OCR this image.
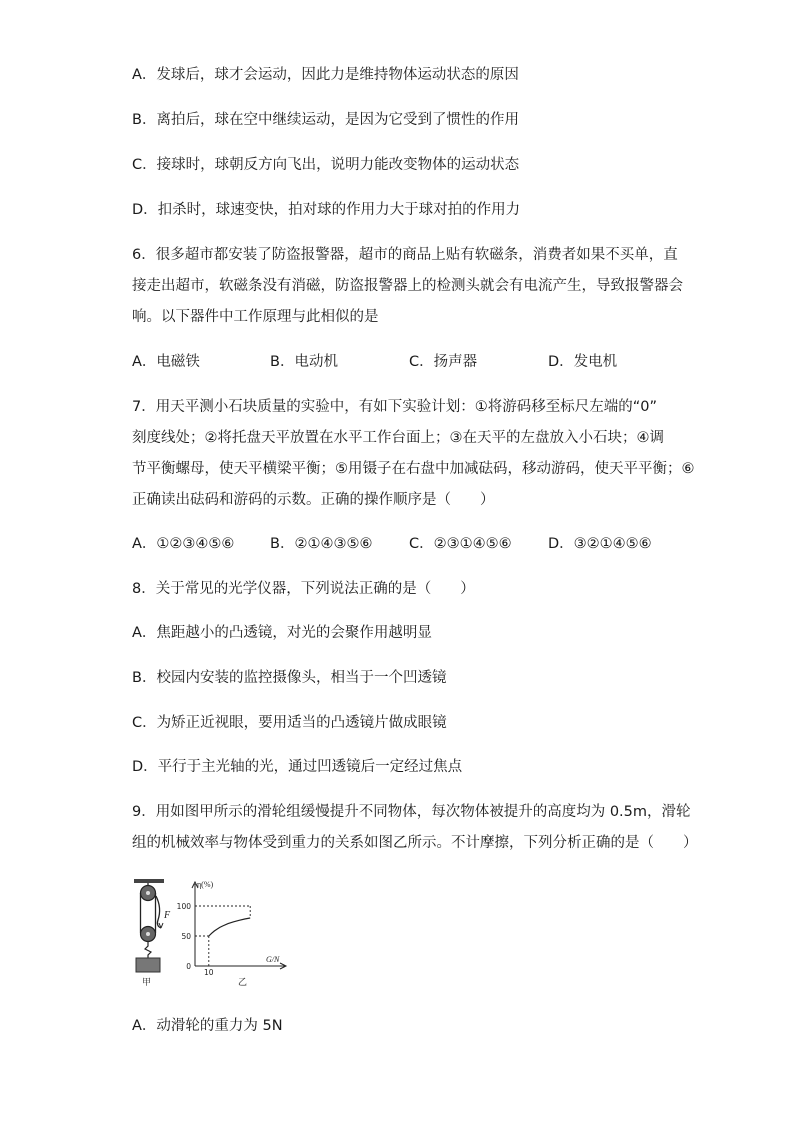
A．发球后，球才会运动，因此力是维持物体运动状态的原因
B．离拍后，球在空中继续运动，是因为它受到了惯性的作用
C．接球时，球朝反方向飞出，说明力能改变物体的运动状态
D．扣杀时，球速变快，拍对球的作用力大于球对拍的作用力
6．很多超市都安装了防盗报警器，超市的商品上贴有软磁条，消费者如果不买单，直
接走出超市，软磁条没有消磁，防盗报警器上的检测头就会有电流产生，导致报警器会
响。以下器件中工作原理与此相似的是
A．电磁铁	B．电动机	C．扬声器	D．发电机
7．用天平测小石块质量的实验中，有如下实验计划：①将游码移至标尺左端的“0”
刻度线处；②将托盘天平放置在水平工作台面上；③在天平的左盘放入小石块；④调
节平衡螺母，使天平横梁平衡；⑤用镊子在右盘中加减砝码，移动游码，使天平平衡；⑥
正确读出砝码和游码的示数。正确的操作顺序是（　　）
A．①②③④⑤⑥ B．②①④③⑤⑥	C．②③①④⑤⑥	D．③②①④⑤⑥
8．关于常见的光学仪器，下列说法正确的是（　　）
A．焦距越小的凸透镜，对光的会聚作用越明显
B．校园内安装的监控摄像头，相当于一个凹透镜
C．为矫正近视眼，要用适当的凸透镜片做成眼镜
D．平行于主光轴的光，通过凹透镜后一定经过焦点
9．用如图甲所示的滑轮组缓慢提升不同物体，每次物体被提升的高度均为 0.5m，滑轮
组的机械效率与物体受到重力的关系如图乙所示。不计摩擦，下列分析正确的是（　　）
F
甲
η(%)
G/N
100
50
0
10
乙
A．动滑轮的重力为 5N
